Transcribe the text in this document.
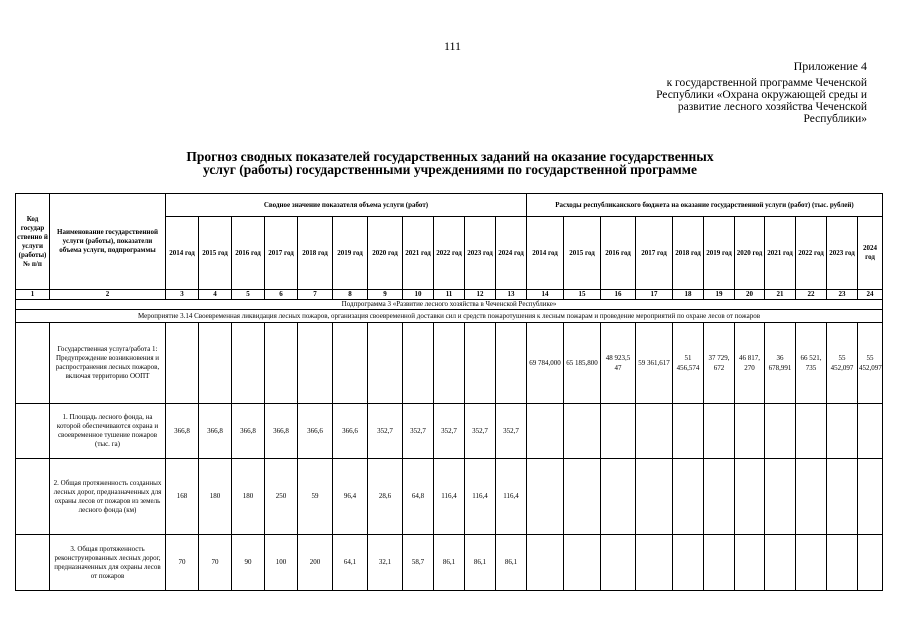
111
Приложение 4
к государственной программе Чеченской
Республики «Охрана окружающей среды и
развитие лесного хозяйства Чеченской
Республики»
Прогноз сводных показателей государственных заданий на оказание государственных
услуг (работы) государственными учреждениями по государственной программе
Код государ ственно й услуги (работы) № п/п	Наименование государственной услуги (работы), показатели объема услуги, подпрограммы	Сводное значение показателя объема услуги (работ)											Расходы республиканского бюджета на оказание государственной услуги (работ) (тыс. рублей)										
		2014 год	2015 год	2016 год	2017 год	2018 год	2019 год	2020 год	2021 год	2022 год	2023 год	2024 год	2014 год	2015 год	2016 год	2017 год	2018 год	2019 год	2020 год	2021 год	2022 год	2023 год	2024 год
1	2	3	4	5	6	7	8	9	10	11	12	13	14	15	16	17	18	19	20	21	22	23	24
Подпрограмма 3 «Развитие лесного хозяйства в Чеченской Республике»																							
Мероприятие 3.14 Своевременная ликвидация лесных пожаров, организация своевременной доставки сил и средств пожаротушения к лесным пожарам и проведение мероприятий по охране лесов от пожаров																							
	Государственная услуга/работа 1: Предупреждение возникновения и распространения лесных пожаров, включая территорию ООПТ												69 784,000	65 185,800	48 923,5 47	59 361,617	51 456,574	37 729, 672	46 817, 270	36 678,991	66 521, 735	55 452,097	55 452,097
	1. Площадь лесного фонда, на которой обеспечиваются охрана и своевременное тушение пожаров (тыс. га)	366,8	366,8	366,8	366,8	366,6	366,6	352,7	352,7	352,7	352,7	352,7											
	2. Общая протяженность созданных лесных дорог, предназначенных для охраны лесов от пожаров из земель лесного фонда (км)	168	180	180	250	59	96,4	28,6	64,8	116,4	116,4	116,4											
	3. Общая протяженность реконструированных лесных дорог, предназначенных для охраны лесов от пожаров	70	70	90	100	200	64,1	32,1	58,7	86,1	86,1	86,1											
